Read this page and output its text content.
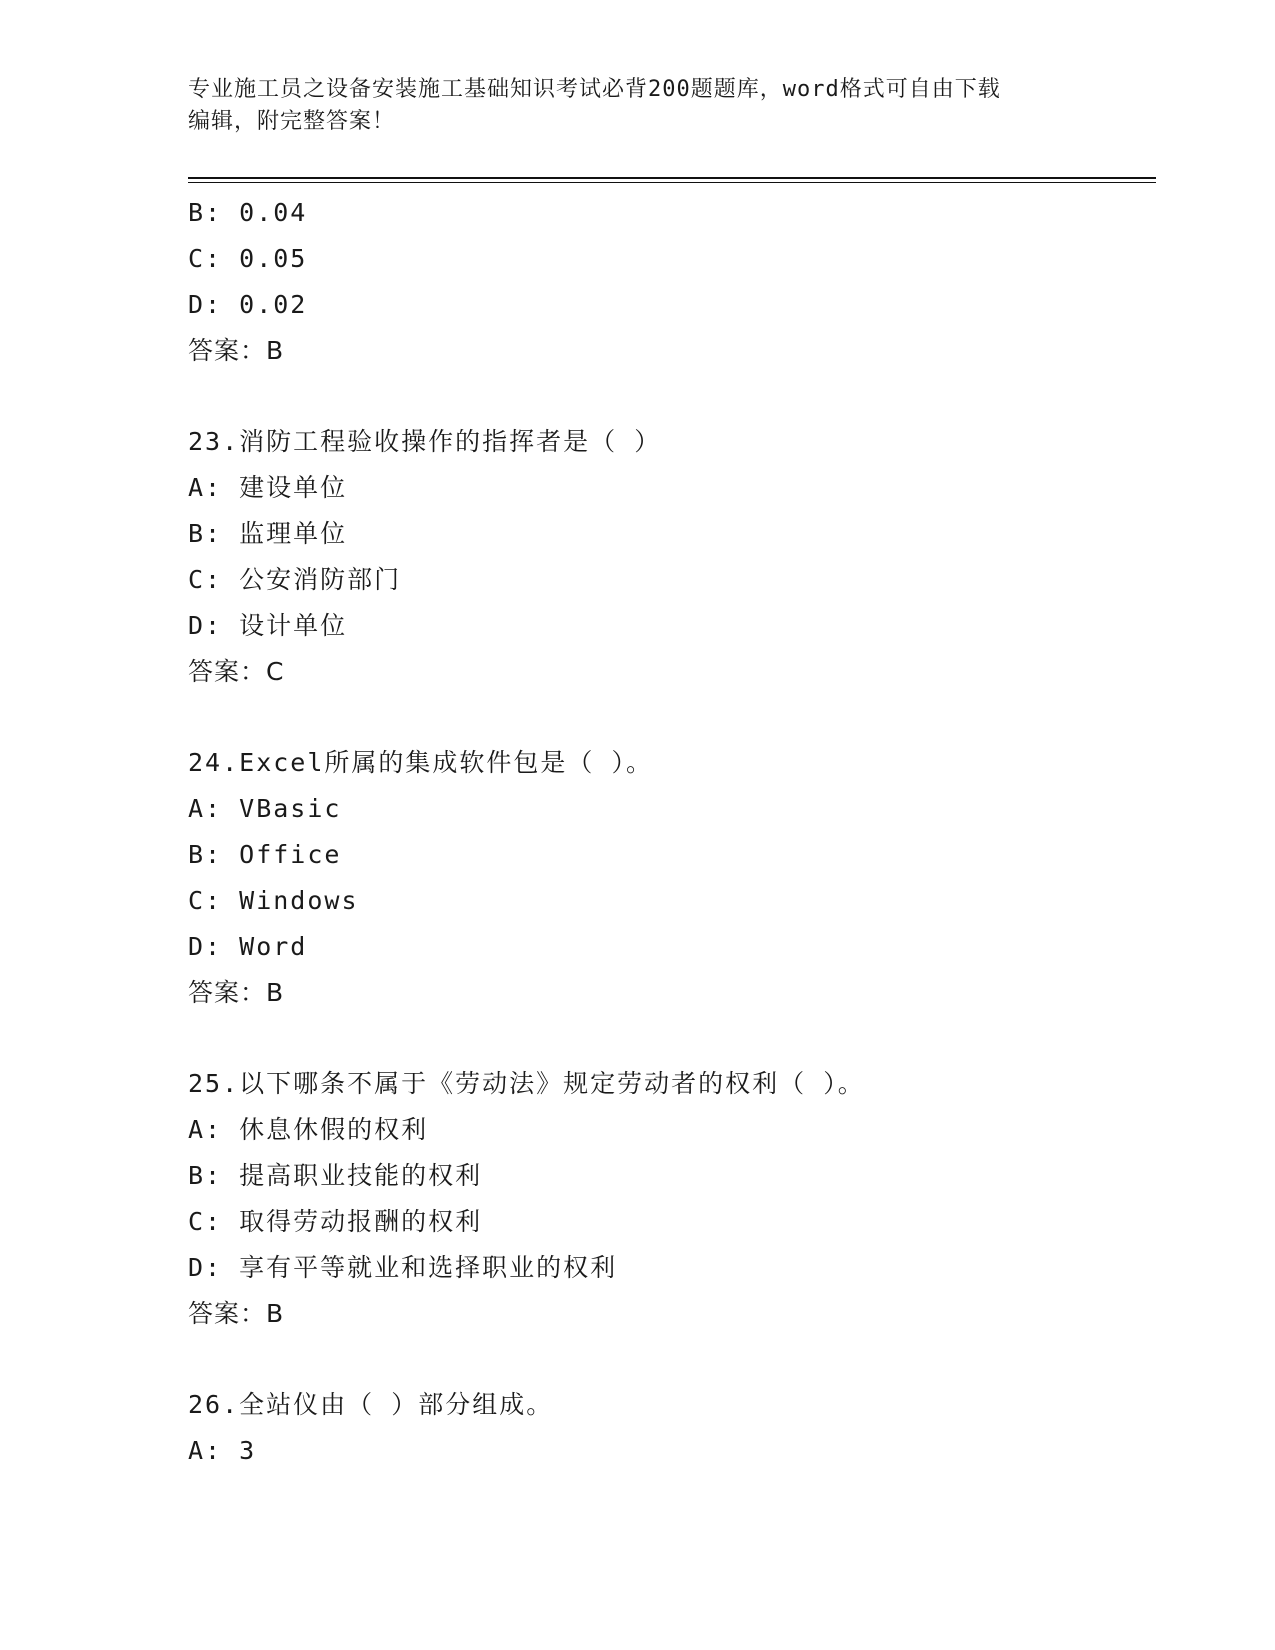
专业施工员之设备安装施工基础知识考试必背200题题库，word格式可自由下载
编辑，附完整答案！
B: 0.04
C: 0.05
D: 0.02
答案：B
23.消防工程验收操作的指挥者是（ ）
A: 建设单位
B: 监理单位
C: 公安消防部门
D: 设计单位
答案：C
24.Excel所属的集成软件包是（ ）。
A: VBasic
B: Office
C: Windows
D: Word
答案：B
25.以下哪条不属于《劳动法》规定劳动者的权利（ ）。
A: 休息休假的权利
B: 提高职业技能的权利
C: 取得劳动报酬的权利
D: 享有平等就业和选择职业的权利
答案：B
26.全站仪由（ ）部分组成。
A: 3
